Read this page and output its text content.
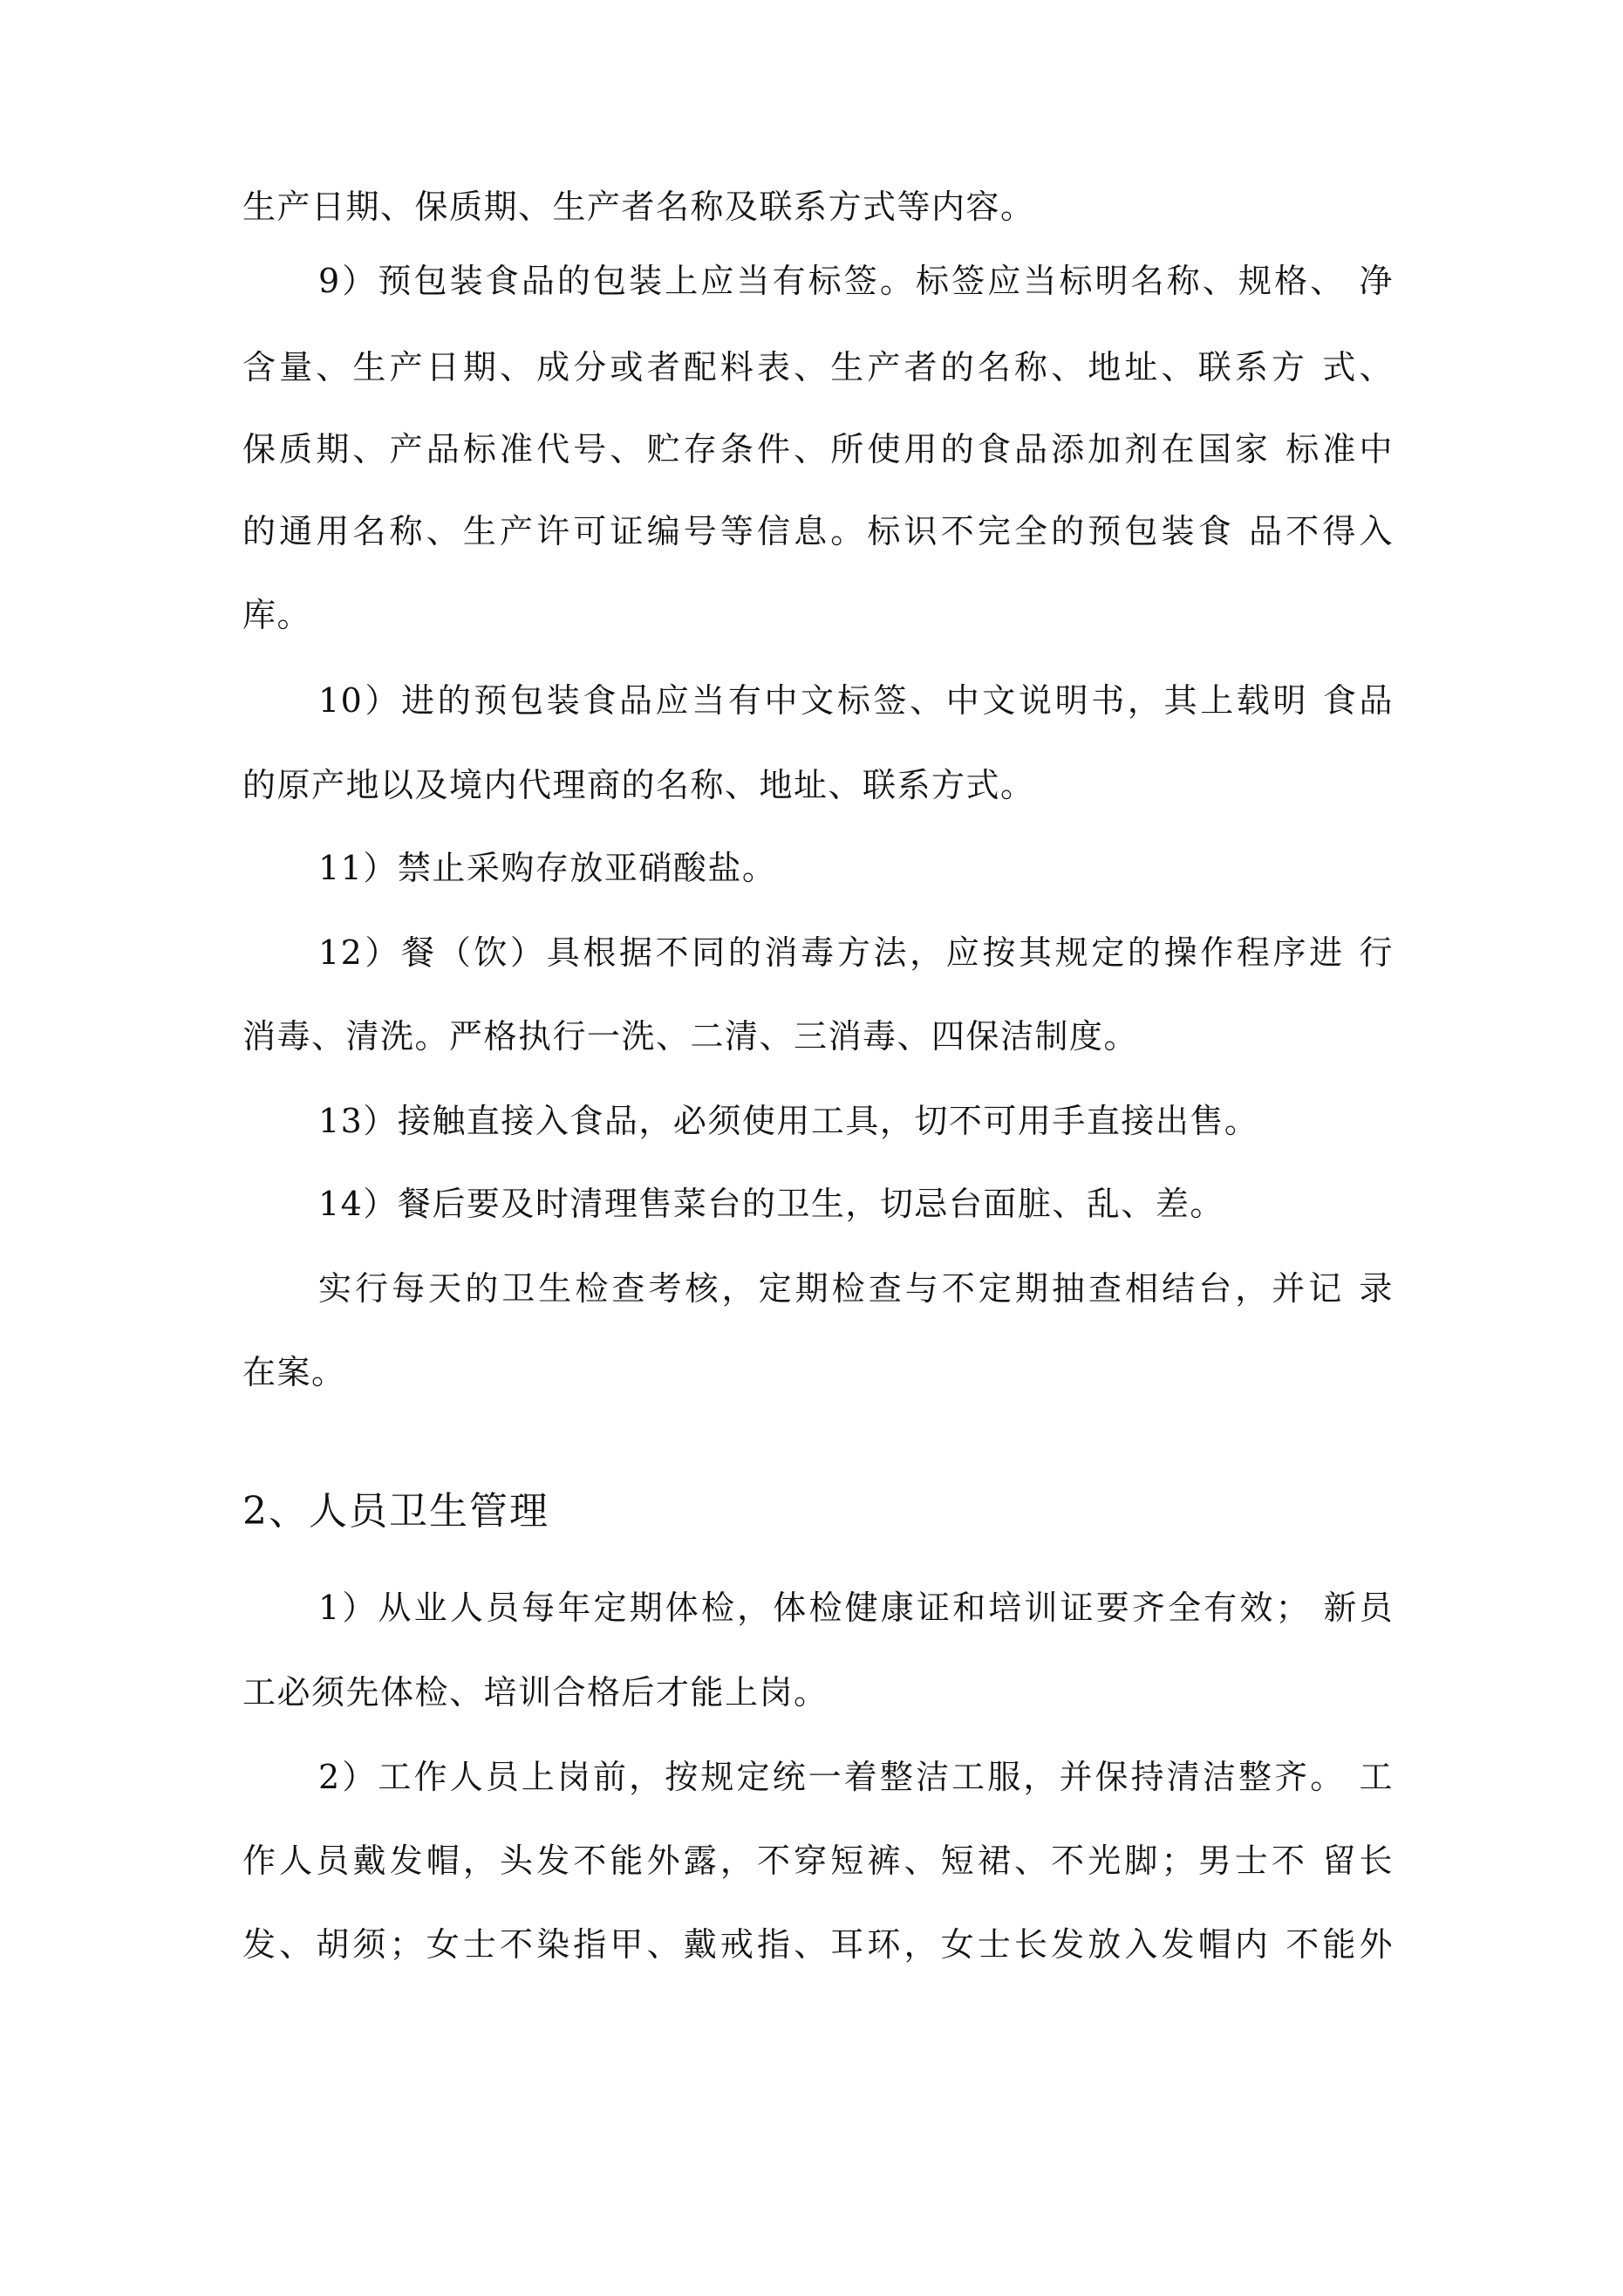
生产日期、保质期、生产者名称及联系方式等内容。
9）预包装食品的包装上应当有标签。标签应当标明名称、规格、 净
含量、生产日期、成分或者配料表、生产者的名称、地址、联系方 式、
保质期、产品标准代号、贮存条件、所使用的食品添加剂在国家 标准中
的通用名称、生产许可证编号等信息。标识不完全的预包装食 品不得入
库。
10）进的预包装食品应当有中文标签、中文说明书，其上载明 食品
的原产地以及境内代理商的名称、地址、联系方式。
11）禁止采购存放亚硝酸盐。
12）餐（饮）具根据不同的消毒方法，应按其规定的操作程序进 行
消毒、清洗。严格执行一洗、二清、三消毒、四保洁制度。
13）接触直接入食品，必须使用工具，切不可用手直接出售。
14）餐后要及时清理售菜台的卫生，切忌台面脏、乱、差。
实行每天的卫生检查考核，定期检查与不定期抽查相结台，并记 录
在案。
2、人员卫生管理
1）从业人员每年定期体检，体检健康证和培训证要齐全有效； 新员
工必须先体检、培训合格后才能上岗。
2）工作人员上岗前，按规定统一着整洁工服，并保持清洁整齐。 工
作人员戴发帽，头发不能外露，不穿短裤、短裙、不光脚；男士不 留长
发、胡须；女士不染指甲、戴戒指、耳环，女士长发放入发帽内 不能外
